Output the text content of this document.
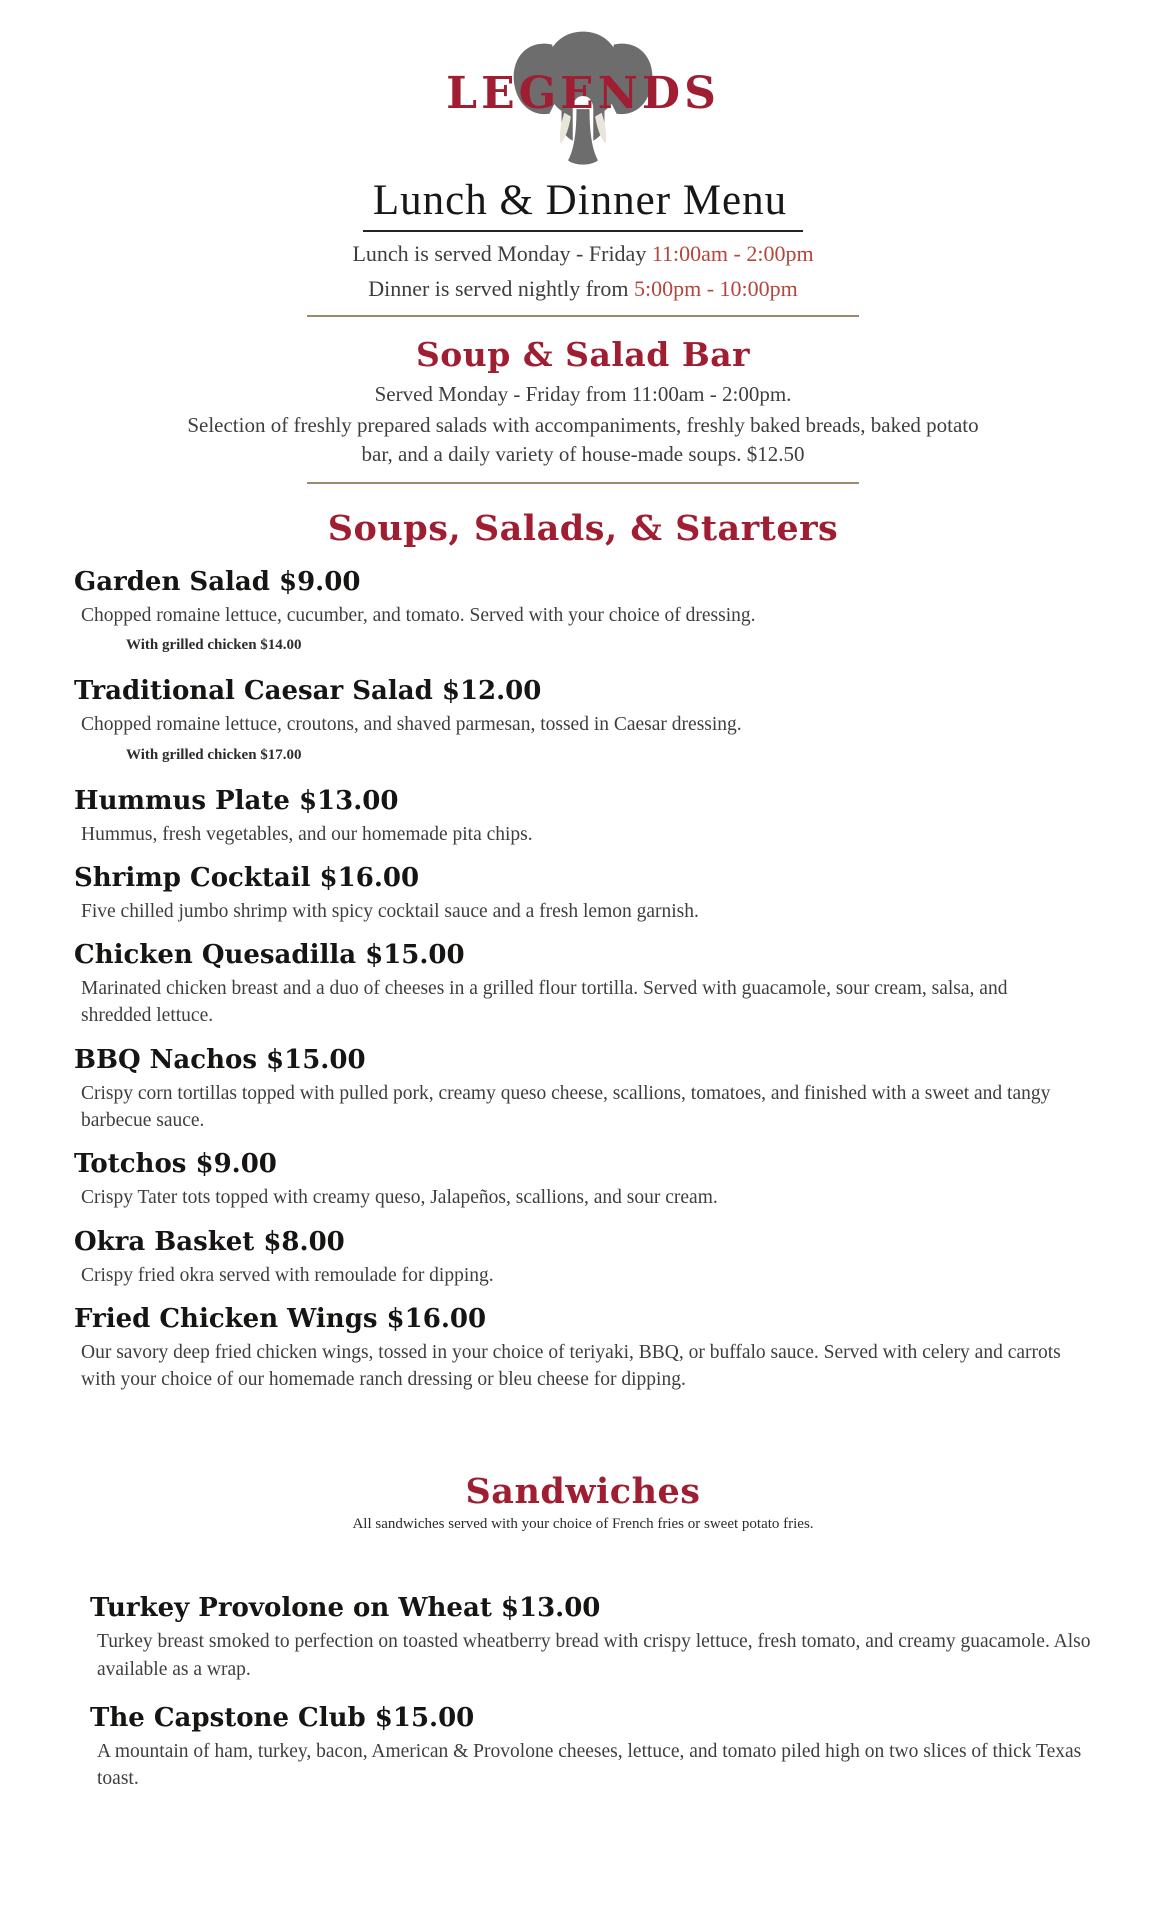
LEGENDS
Lunch & Dinner Menu
Lunch is served Monday - Friday 11:00am - 2:00pm
Dinner is served nightly from 5:00pm - 10:00pm
Soup & Salad Bar
Served Monday - Friday from 11:00am - 2:00pm.
Selection of freshly prepared salads with accompaniments, freshly baked breads, baked potato bar, and a daily variety of house-made soups. $12.50
Soups, Salads, & Starters
Garden Salad $9.00

Chopped romaine lettuce, cucumber, and tomato. Served with your choice of dressing.

With grilled chicken $14.00

Traditional Caesar Salad $12.00

Chopped romaine lettuce, croutons, and shaved parmesan, tossed in Caesar dressing.

With grilled chicken $17.00

Hummus Plate $13.00

Hummus, fresh vegetables, and our homemade pita chips.

Shrimp Cocktail $16.00

Five chilled jumbo shrimp with spicy cocktail sauce and a fresh lemon garnish.

Chicken Quesadilla $15.00

Marinated chicken breast and a duo of cheeses in a grilled flour tortilla. Served with guacamole, sour cream, salsa, and shredded lettuce.

BBQ Nachos $15.00

Crispy corn tortillas topped with pulled pork, creamy queso cheese, scallions, tomatoes, and finished with a sweet and tangy barbecue sauce.

Totchos $9.00

Crispy Tater tots topped with creamy queso, Jalapeños, scallions, and sour cream.

Okra Basket $8.00

Crispy fried okra served with remoulade for dipping.

Fried Chicken Wings $16.00

Our savory deep fried chicken wings, tossed in your choice of teriyaki, BBQ, or buffalo sauce. Served with celery and carrots with your choice of our homemade ranch dressing or bleu cheese for dipping.

Sandwiches
All sandwiches served with your choice of French fries or sweet potato fries.
Turkey Provolone on Wheat $13.00

Turkey breast smoked to perfection on toasted wheatberry bread with crispy lettuce, fresh tomato, and creamy guacamole. Also available as a wrap.

The Capstone Club $15.00

A mountain of ham, turkey, bacon, American & Provolone cheeses, lettuce, and tomato piled high on two slices of thick Texas toast.
